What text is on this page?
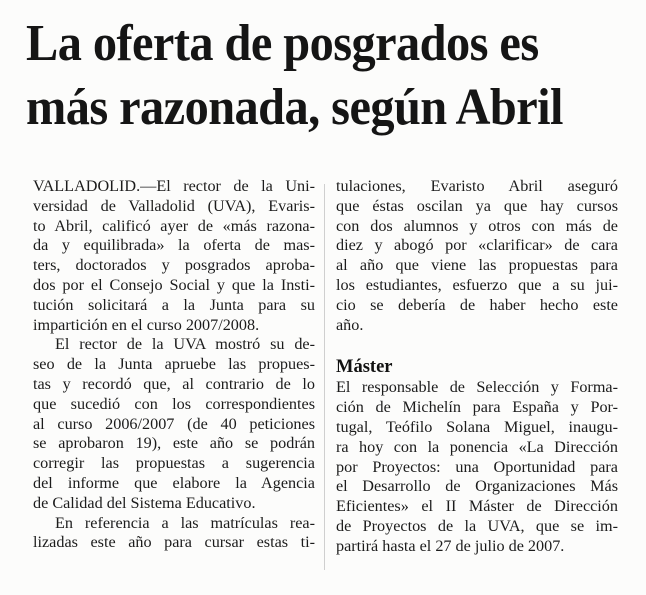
La oferta de posgrados es
más razonada, según Abril
VALLADOLID.—El rector de la Uni-
versidad de Valladolid (UVA), Evaris-
to Abril, calificó ayer de «más razona-
da y equilibrada» la oferta de mas-
ters, doctorados y posgrados aproba-
dos por el Consejo Social y que la Insti-
tución solicitará a la Junta para su
impartición en el curso 2007/2008.
El rector de la UVA mostró su de-
seo de la Junta apruebe las propues-
tas y recordó que, al contrario de lo
que sucedió con los correspondientes
al curso 2006/2007 (de 40 peticiones
se aprobaron 19), este año se podrán
corregir las propuestas a sugerencia
del informe que elabore la Agencia
de Calidad del Sistema Educativo.
En referencia a las matrículas rea-
lizadas este año para cursar estas ti-
tulaciones, Evaristo Abril aseguró
que éstas oscilan ya que hay cursos
con dos alumnos y otros con más de
diez y abogó por «clarificar» de cara
al año que viene las propuestas para
los estudiantes, esfuerzo que a su jui-
cio se debería de haber hecho este
año.
Máster
El responsable de Selección y Forma-
ción de Michelín para España y Por-
tugal, Teófilo Solana Miguel, inaugu-
ra hoy con la ponencia «La Dirección
por Proyectos: una Oportunidad para
el Desarrollo de Organizaciones Más
Eficientes» el II Máster de Dirección
de Proyectos de la UVA, que se im-
partirá hasta el 27 de julio de 2007.
